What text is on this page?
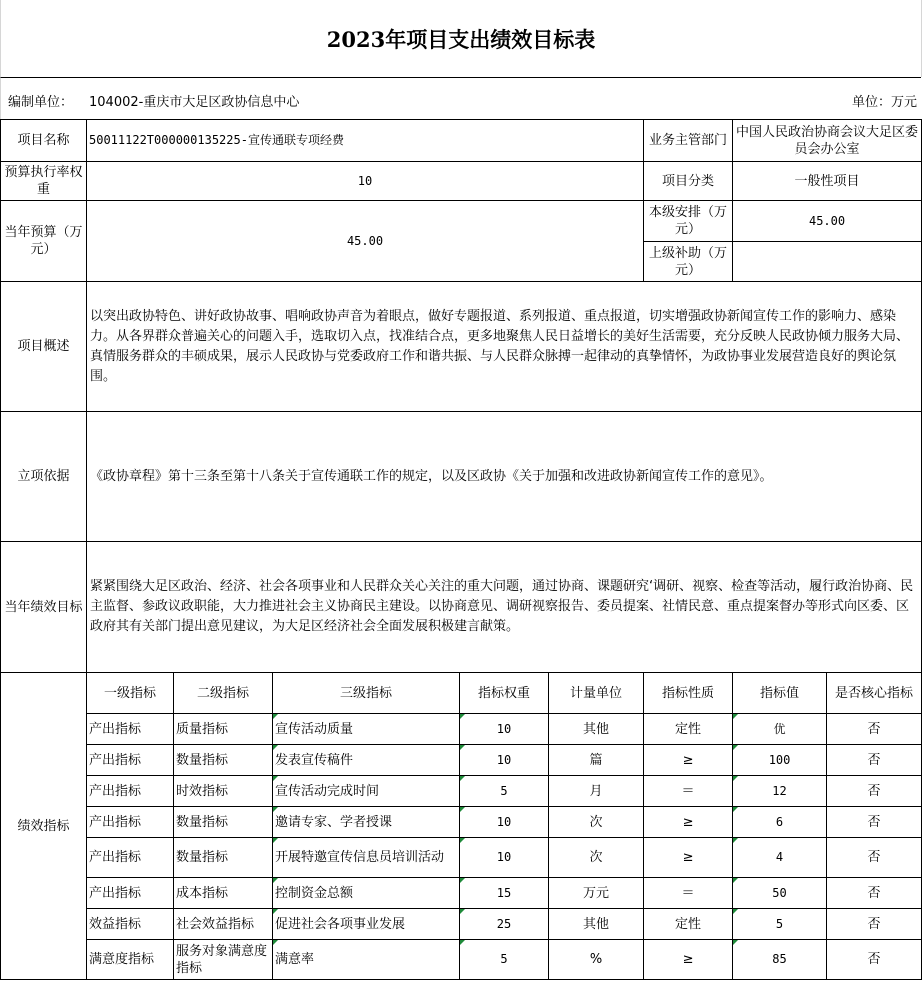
2023年项目支出绩效目标表
编制单位： 104002-重庆市大足区政协信息中心	单位：万元
项目名称	50011122T000000135225-宣传通联专项经费					业务主管部门	中国人民政治协商会议大足区委员会办公室	
预算执行率权重	10					项目分类	一般性项目	
当年预算（万元）	45.00					本级安排（万元）	45.00	
						上级补助（万元）		
项目概述	以突出政协特色、讲好政协故事、唱响政协声音为着眼点，做好专题报道、系列报道、重点报道，切实增强政协新闻宣传工作的影响力、感染力。从各界群众普遍关心的问题入手，选取切入点，找准结合点，更多地聚焦人民日益增长的美好生活需要，充分反映人民政协倾力服务大局、真情服务群众的丰硕成果，展示人民政协与党委政府工作和谐共振、与人民群众脉搏一起律动的真挚情怀，为政协事业发展营造良好的舆论氛围。							
立项依据	《政协章程》第十三条至第十八条关于宣传通联工作的规定，以及区政协《关于加强和改进政协新闻宣传工作的意见》。							
当年绩效目标	紧紧围绕大足区政治、经济、社会各项事业和人民群众关心关注的重大问题，通过协商、课题研究‘调研、视察、检查等活动，履行政治协商、民主监督、参政议政职能，大力推进社会主义协商民主建设。以协商意见、调研视察报告、委员提案、社情民意、重点提案督办等形式向区委、区政府其有关部门提出意见建议，为大足区经济社会全面发展积极建言献策。							
绩效指标	一级指标	二级指标	三级指标	指标权重	计量单位	指标性质	指标值	是否核心指标
	产出指标	质量指标	宣传活动质量	10	其他	定性	优	否
	产出指标	数量指标	发表宣传稿件	10	篇	≥	100	否
	产出指标	时效指标	宣传活动完成时间	5	月	＝	12	否
	产出指标	数量指标	邀请专家、学者授课	10	次	≥	6	否
	产出指标	数量指标	开展特邀宣传信息员培训活动	10	次	≥	4	否
	产出指标	成本指标	控制资金总额	15	万元	＝	50	否
	效益指标	社会效益指标	促进社会各项事业发展	25	其他	定性	5	否
	满意度指标	服务对象满意度指标	满意率	5	%	≥	85	否
